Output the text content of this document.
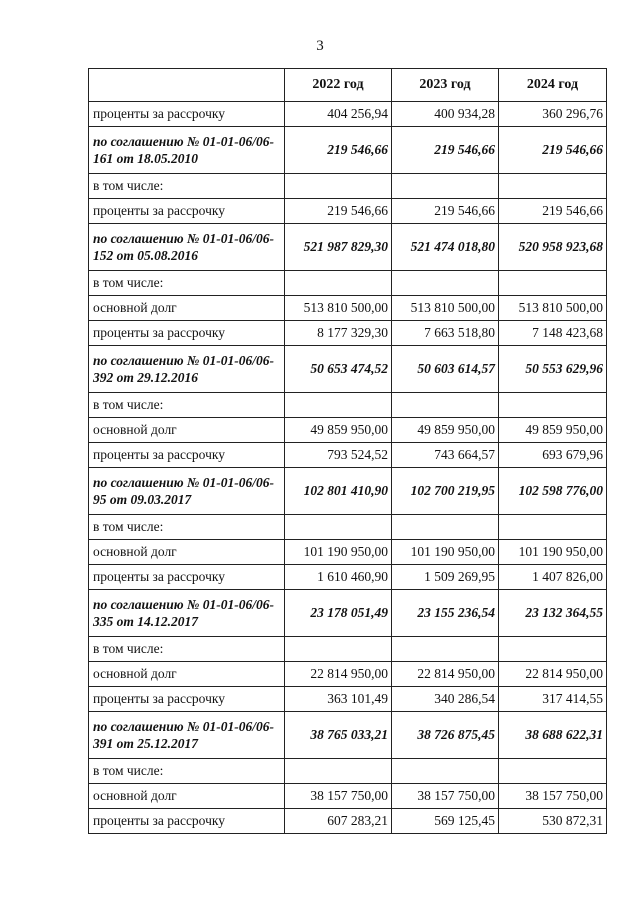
3
	2022 год	2023 год	2024 год
проценты за рассрочку	404 256,94	400 934,28	360 296,76
по соглашению № 01-01-06/06-161 от 18.05.2010	219 546,66	219 546,66	219 546,66
в том числе:			
проценты за рассрочку	219 546,66	219 546,66	219 546,66
по соглашению № 01-01-06/06-152 от 05.08.2016	521 987 829,30	521 474 018,80	520 958 923,68
в том числе:			
основной долг	513 810 500,00	513 810 500,00	513 810 500,00
проценты за рассрочку	8 177 329,30	7 663 518,80	7 148 423,68
по соглашению № 01-01-06/06-392 от 29.12.2016	50 653 474,52	50 603 614,57	50 553 629,96
в том числе:			
основной долг	49 859 950,00	49 859 950,00	49 859 950,00
проценты за рассрочку	793 524,52	743 664,57	693 679,96
по соглашению № 01-01-06/06-95 от 09.03.2017	102 801 410,90	102 700 219,95	102 598 776,00
в том числе:			
основной долг	101 190 950,00	101 190 950,00	101 190 950,00
проценты за рассрочку	1 610 460,90	1 509 269,95	1 407 826,00
по соглашению № 01-01-06/06-335 от 14.12.2017	23 178 051,49	23 155 236,54	23 132 364,55
в том числе:			
основной долг	22 814 950,00	22 814 950,00	22 814 950,00
проценты за рассрочку	363 101,49	340 286,54	317 414,55
по соглашению № 01-01-06/06-391 от 25.12.2017	38 765 033,21	38 726 875,45	38 688 622,31
в том числе:			
основной долг	38 157 750,00	38 157 750,00	38 157 750,00
проценты за рассрочку	607 283,21	569 125,45	530 872,31
